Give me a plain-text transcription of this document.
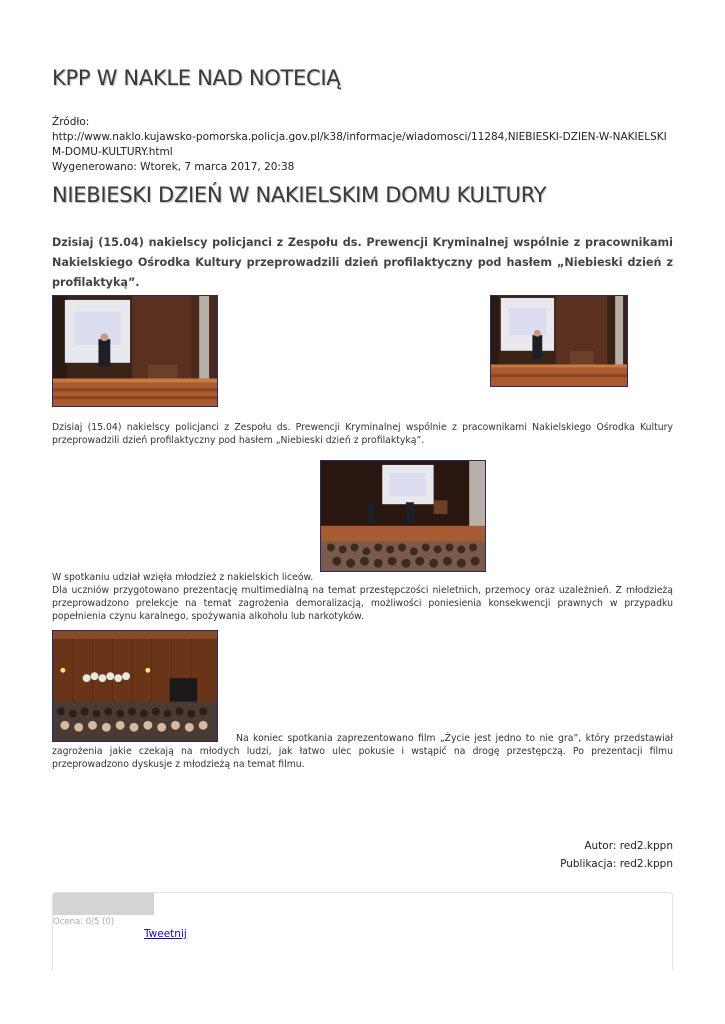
KPP W NAKLE NAD NOTECIĄ
Źródło:
http://www.naklo.kujawsko-pomorska.policja.gov.pl/k38/informacje/wiadomosci/11284,NIEBIESKI-DZIEN-W-NAKIELSKIM-DOMU-KULTURY.html
Wygenerowano: Wtorek, 7 marca 2017, 20:38
NIEBIESKI DZIEŃ W NAKIELSKIM DOMU KULTURY
Dzisiaj (15.04) nakielscy policjanci z Zespołu ds. Prewencji Kryminalnej wspólnie z pracownikami Nakielskiego Ośrodka Kultury przeprowadzili dzień profilaktyczny pod hasłem „Niebieski dzień z profilaktyką”.
Dzisiaj (15.04) nakielscy policjanci z Zespołu ds. Prewencji Kryminalnej wspólnie z pracownikami Nakielskiego Ośrodka Kultury przeprowadzili dzień profilaktyczny pod hasłem „Niebieski dzień z profilaktyką”.
W spotkaniu udział wzięła młodzież z nakielskich liceów.
Dla uczniów przygotowano prezentację multimedialną na temat przestępczości nieletnich, przemocy oraz uzależnień. Z młodzieżą przeprowadzono prelekcje na temat zagrożenia demoralizacją, możliwości poniesienia konsekwencji prawnych w przypadku popełnienia czynu karalnego, spożywania alkoholu lub narkotyków.
Na koniec spotkania zaprezentowano film „Życie jest jedno to nie gra”, który przedstawiał zagrożenia jakie czekają na młodych ludzi, jak łatwo ulec pokusie i wstąpić na drogę przestępczą. Po prezentacji filmu przeprowadzono dyskusje z młodzieżą na temat filmu.
Autor: red2.kppn
Publikacja: red2.kppn
Ocena: 0/5 (0)
Tweetnij
